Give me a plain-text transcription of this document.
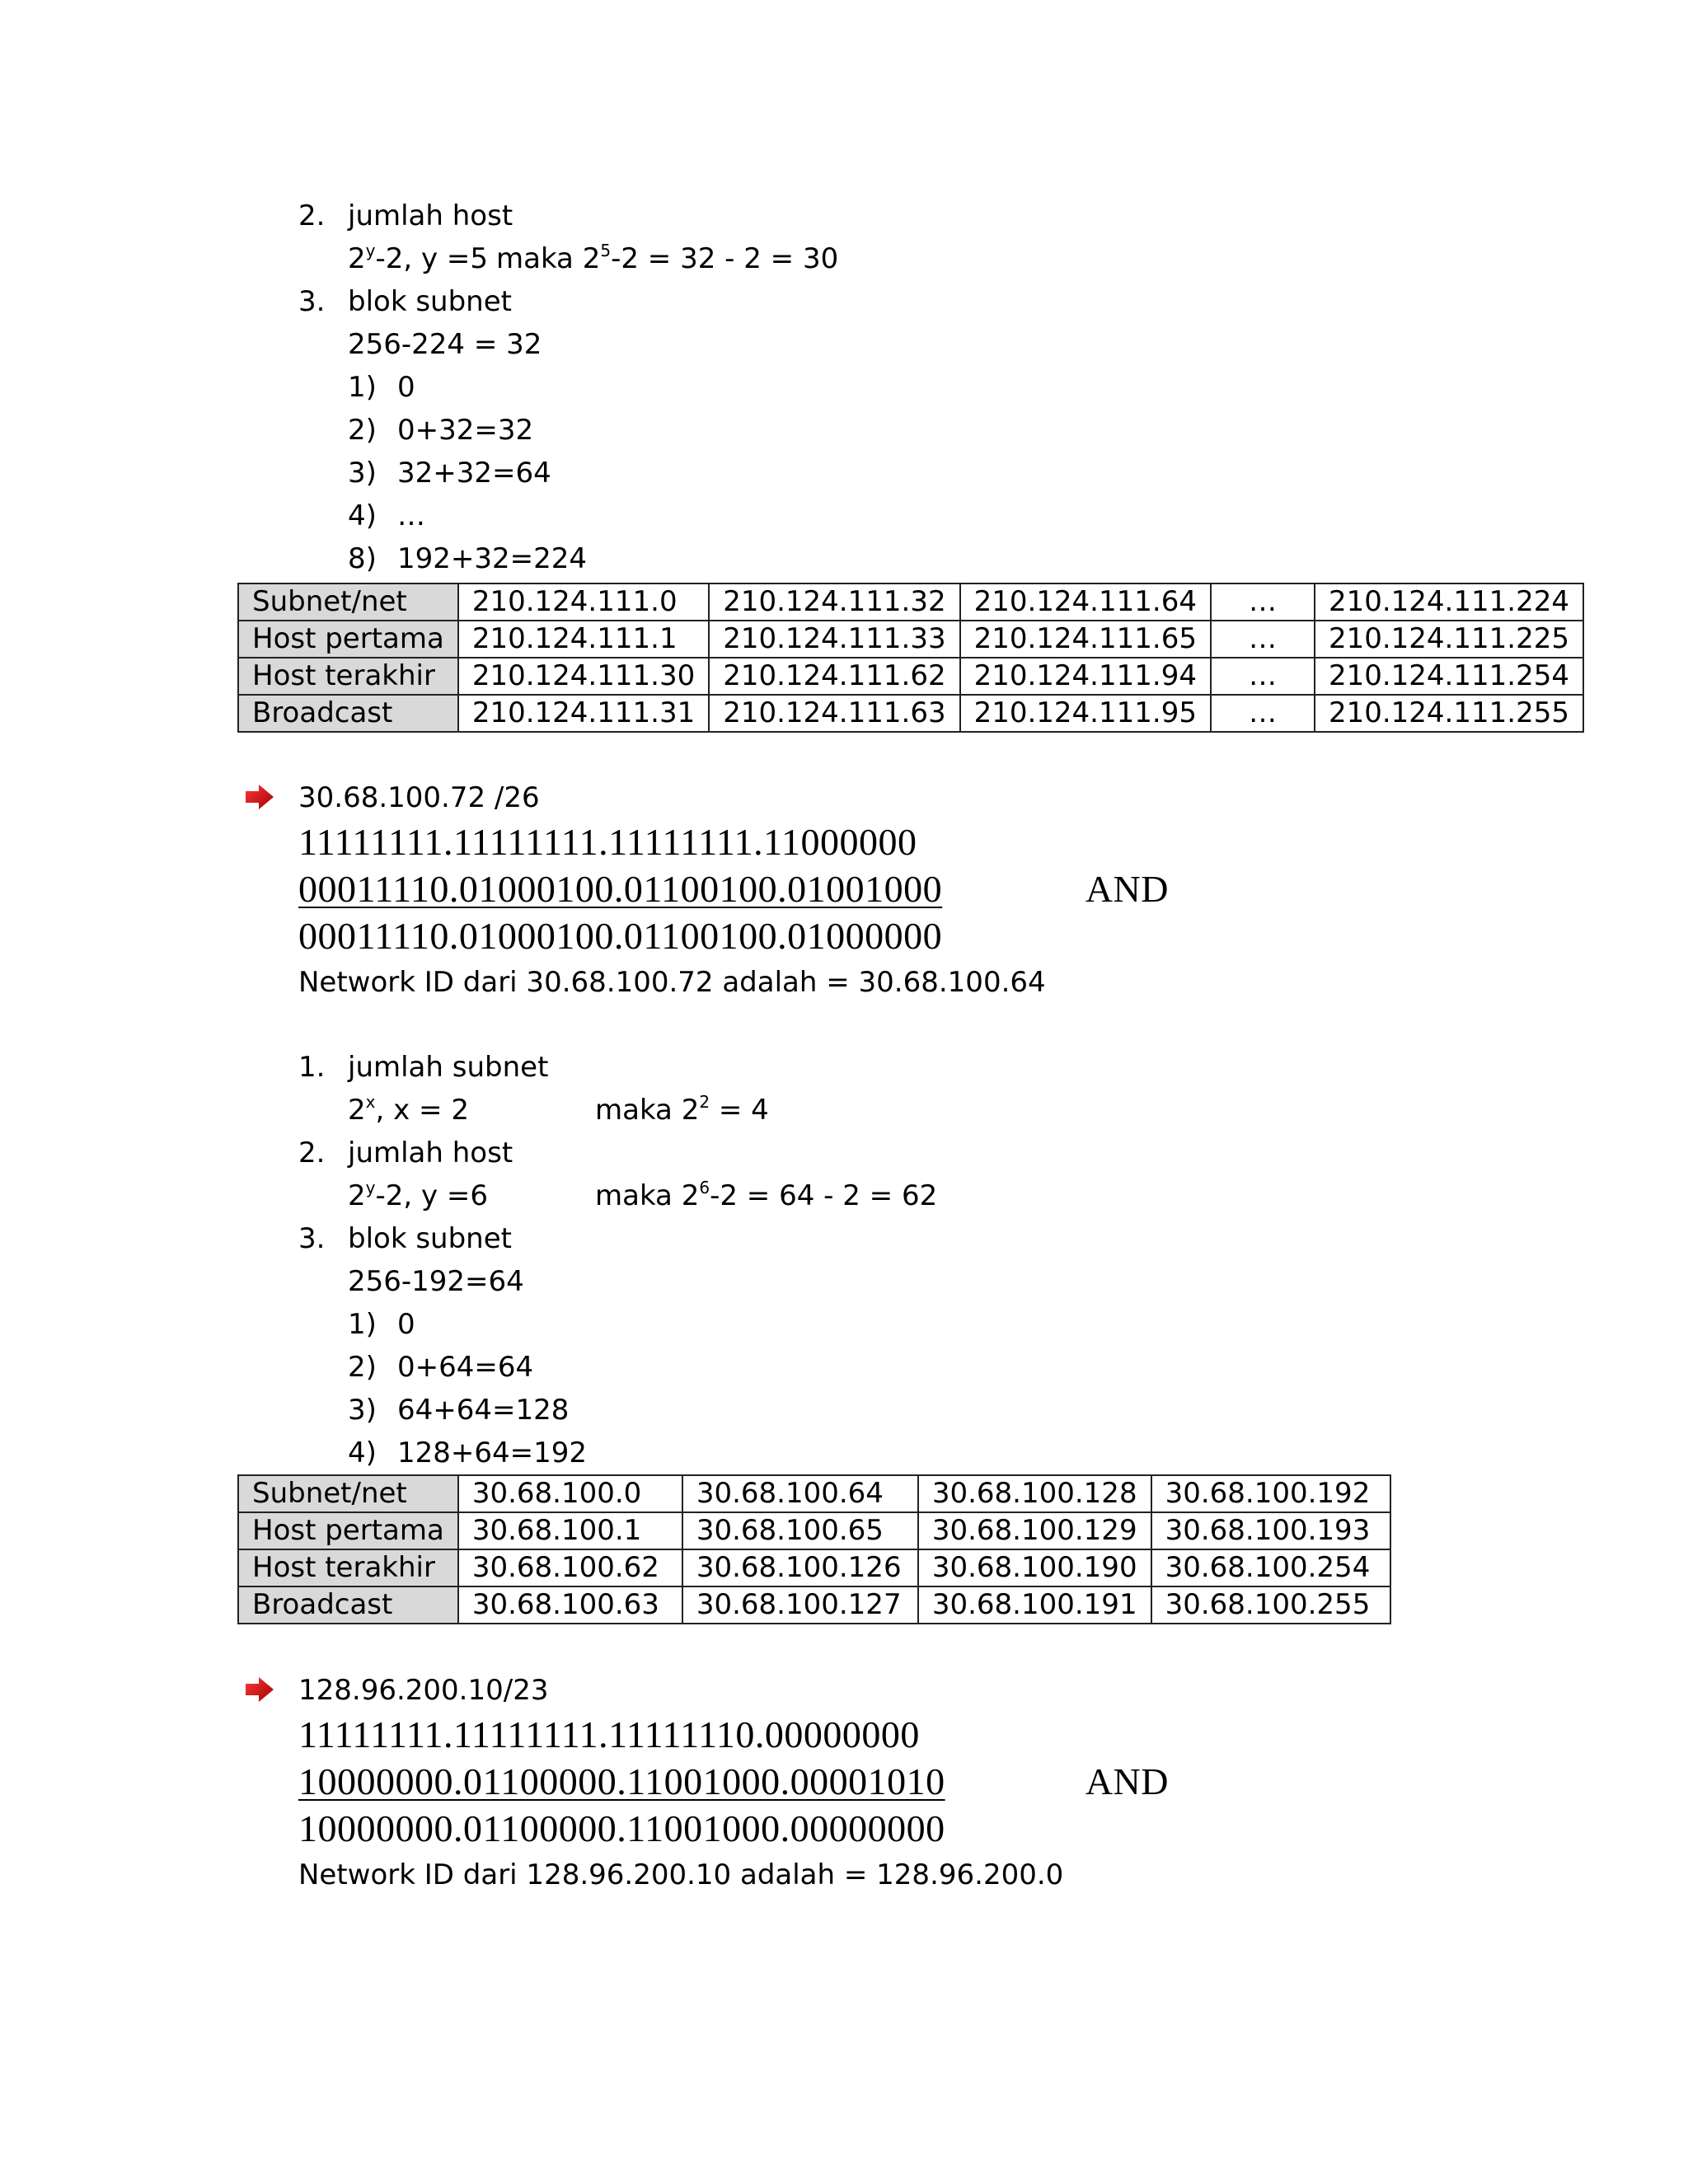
2. jumlah host
2$^y$-2, y =5 maka $2^5-2 = 32 - 2 = 30$
3. blok subnet
256-224 = 32
1) 0
2) 0+32=32
3) 32+32=64
4) …
8) 192+32=224
Subnet/net	210.124.111.0	210.124.111.32	210.124.111.64	…	210.124.111.224
Host pertama	210.124.111.1	210.124.111.33	210.124.111.65	…	210.124.111.225
Host terakhir	210.124.111.30	210.124.111.62	210.124.111.94	…	210.124.111.254
Broadcast	210.124.111.31	210.124.111.63	210.124.111.95	…	210.124.111.255
30.68.100.72 /26
11111111.11111111.11111111.11000000
00011110.01000100.01100100.01001000	AND
00011110.01000100.01100100.01000000
Network ID dari 30.68.100.72 adalah = 30.68.100.64
1. jumlah subnet
2$^x$, x = 2	maka $2^2 = 4$
2. jumlah host
2$^y$-2, y =6	maka $2^6-2 = 64 - 2 = 62$
3. blok subnet
256-192=64
1) 0
2) 0+64=64
3) 64+64=128
4) 128+64=192
Subnet/net	30.68.100.0	30.68.100.64	30.68.100.128	30.68.100.192
Host pertama	30.68.100.1	30.68.100.65	30.68.100.129	30.68.100.193
Host terakhir	30.68.100.62	30.68.100.126	30.68.100.190	30.68.100.254
Broadcast	30.68.100.63	30.68.100.127	30.68.100.191	30.68.100.255
128.96.200.10/23
11111111.11111111.11111110.00000000
10000000.01100000.11001000.00001010	AND
10000000.01100000.11001000.00000000
Network ID dari 128.96.200.10 adalah = 128.96.200.0
